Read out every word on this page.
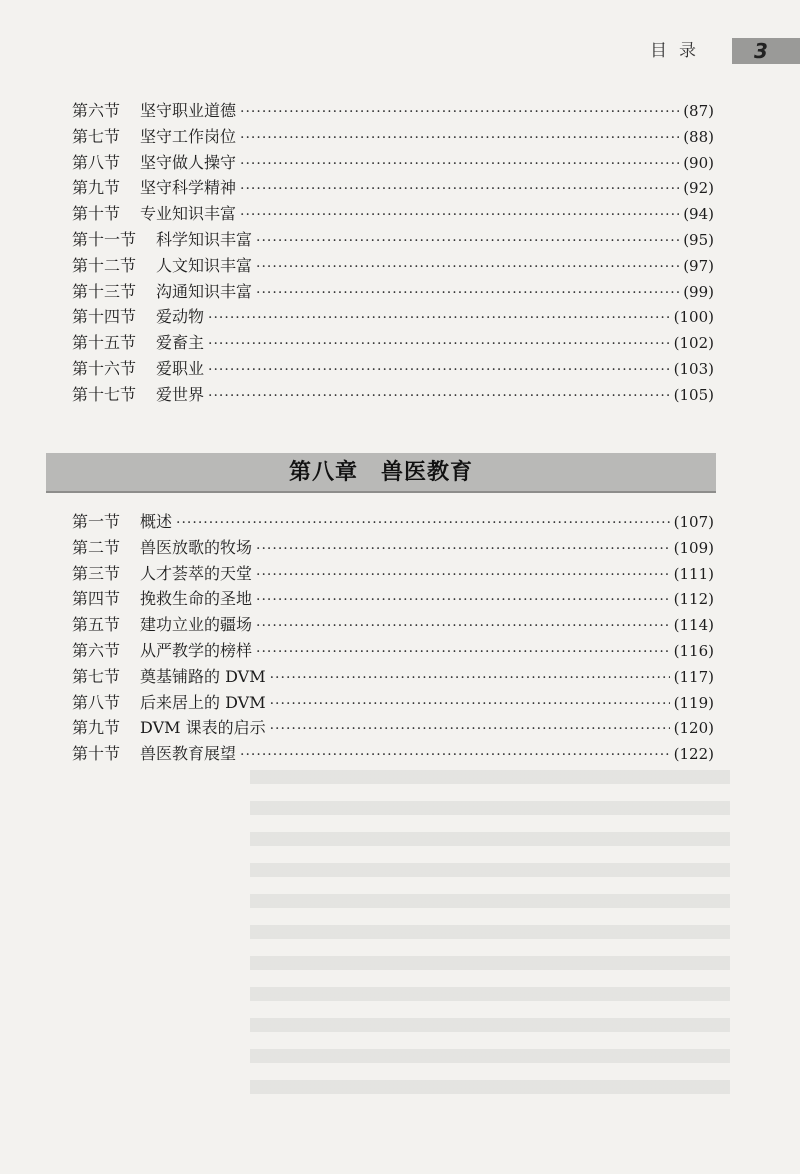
目录 3
第六节 坚守职业道德 ·····	(87)
第七节 坚守工作岗位 ·····	(88)
第八节 坚守做人操守 ·····	(90)
第九节 坚守科学精神 ·····	(92)
第十节 专业知识丰富 ·····	(94)
第十一节 科学知识丰富 ·····	(95)
第十二节 人文知识丰富 ·····	(97)
第十三节 沟通知识丰富 ·····	(99)
第十四节 爱动物 ·····	(100)
第十五节 爱畜主 ·····	(102)
第十六节 爱职业 ·····	(103)
第十七节 爱世界 ·····	(105)
第八章　兽医教育
第一节 概述 ·····	(107)
第二节 兽医放歌的牧场 ·····	(109)
第三节 人才荟萃的天堂 ·····	(111)
第四节 挽救生命的圣地 ·····	(112)
第五节 建功立业的疆场 ·····	(114)
第六节 从严教学的榜样 ·····	(116)
第七节 奠基铺路的 DVM ·····	(117)
第八节 后来居上的 DVM ·····	(119)
第九节 DVM 课表的启示 ·····	(120)
第十节 兽医教育展望 ·····	(122)
